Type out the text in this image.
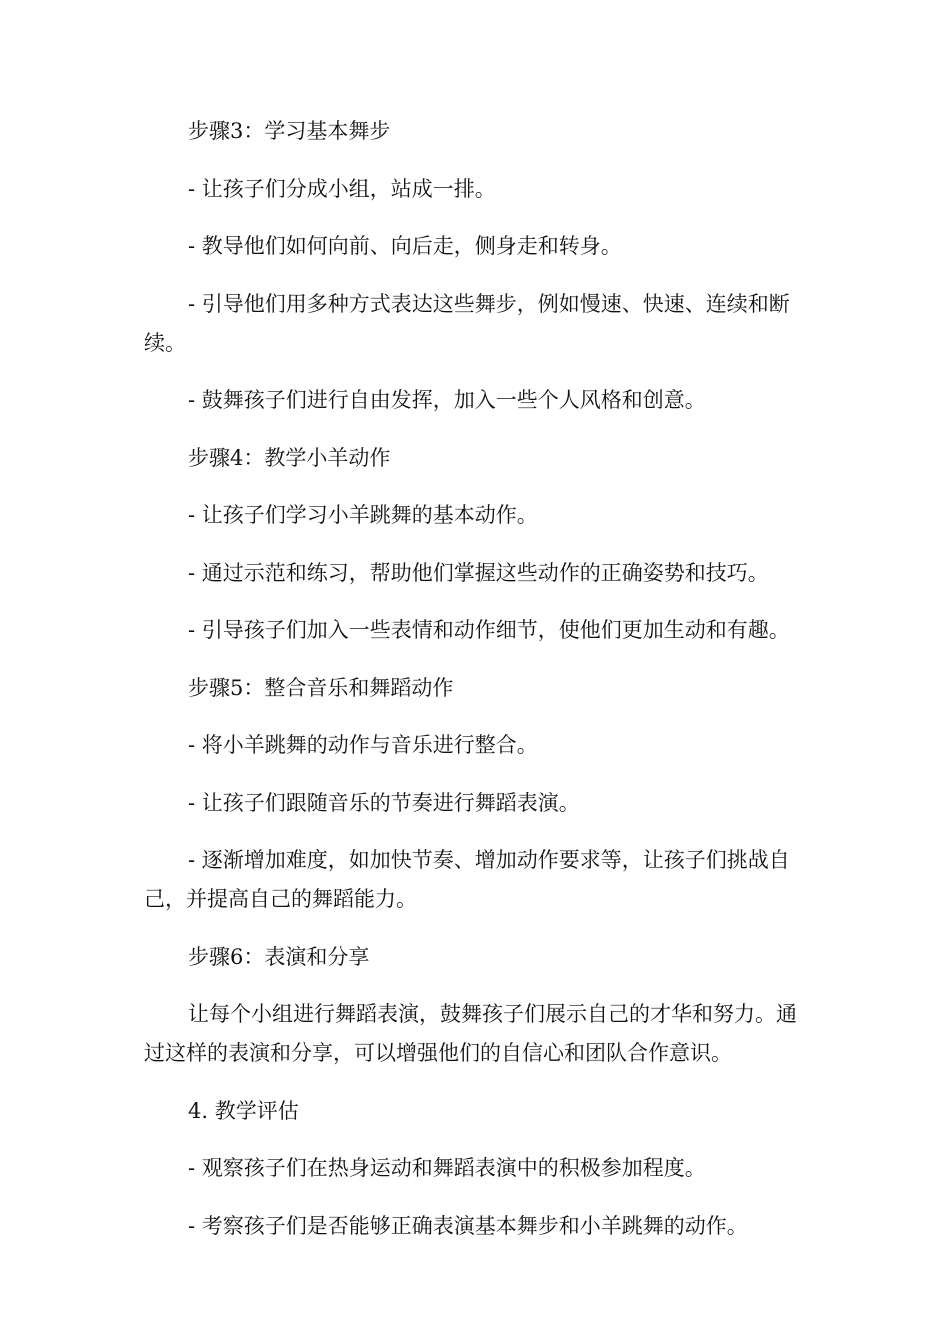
步骤3：学习基本舞步

- 让孩子们分成小组，站成一排。

- 教导他们如何向前、向后走，侧身走和转身。

- 引导他们用多种方式表达这些舞步，例如慢速、快速、连续和断续。

- 鼓舞孩子们进行自由发挥，加入一些个人风格和创意。

步骤4：教学小羊动作

- 让孩子们学习小羊跳舞的基本动作。

- 通过示范和练习，帮助他们掌握这些动作的正确姿势和技巧。

- 引导孩子们加入一些表情和动作细节，使他们更加生动和有趣。

步骤5：整合音乐和舞蹈动作

- 将小羊跳舞的动作与音乐进行整合。

- 让孩子们跟随音乐的节奏进行舞蹈表演。

- 逐渐增加难度，如加快节奏、增加动作要求等，让孩子们挑战自己，并提高自己的舞蹈能力。

步骤6：表演和分享

让每个小组进行舞蹈表演，鼓舞孩子们展示自己的才华和努力。通过这样的表演和分享，可以增强他们的自信心和团队合作意识。

4. 教学评估

- 观察孩子们在热身运动和舞蹈表演中的积极参加程度。

- 考察孩子们是否能够正确表演基本舞步和小羊跳舞的动作。
